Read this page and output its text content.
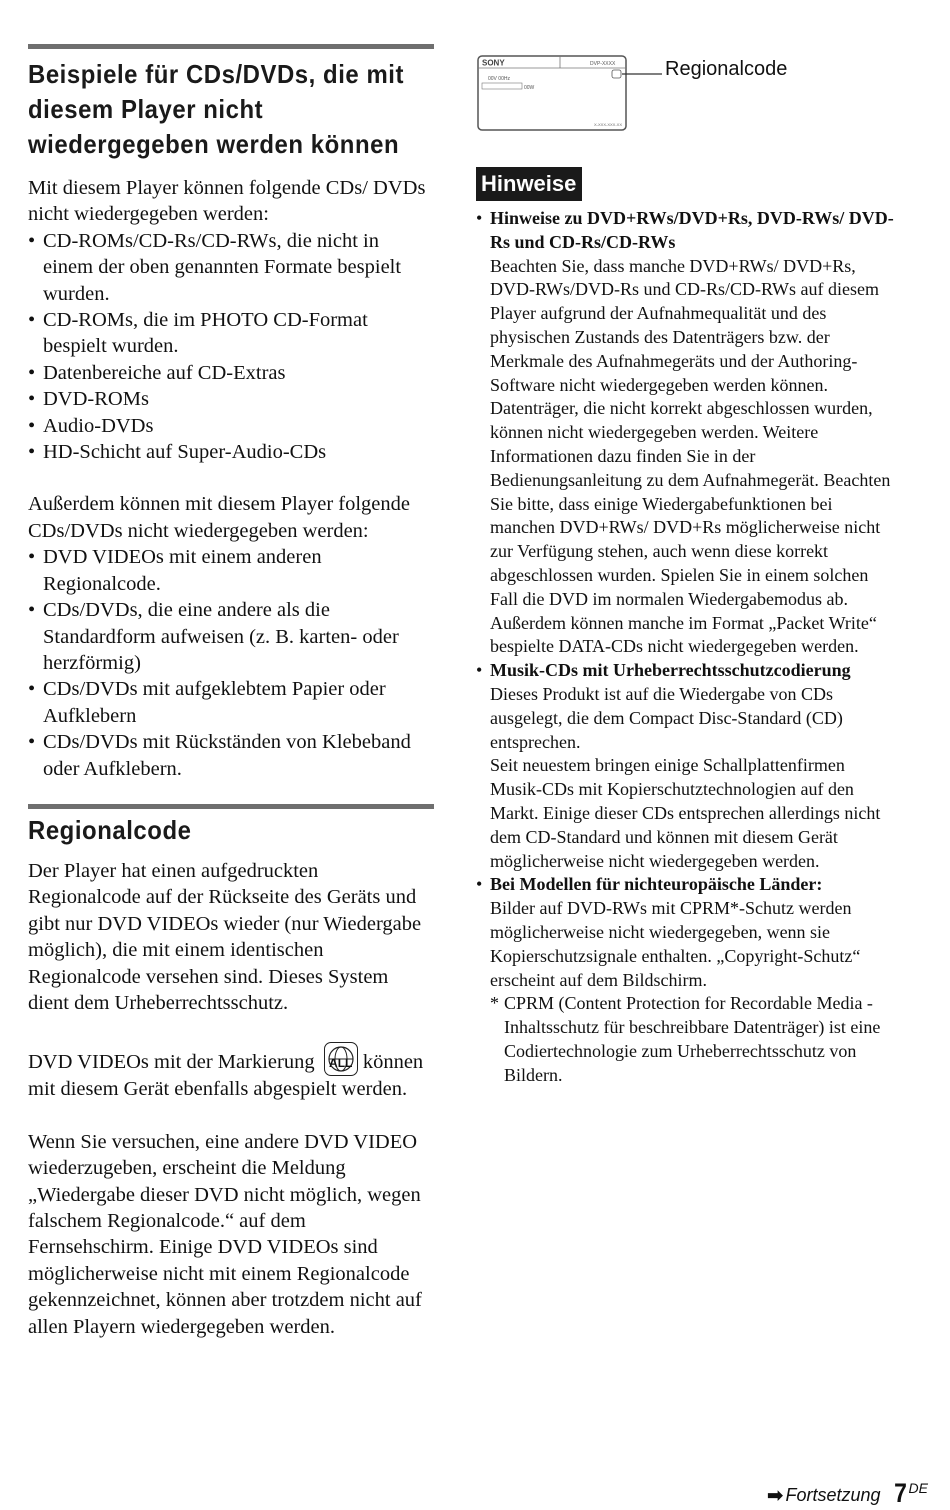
Beispiele für CDs/DVDs, die mit diesem Player nicht wiedergegeben werden können

Mit diesem Player können folgende CDs/ DVDs nicht wiedergegeben werden:

• CD-ROMs/CD-Rs/CD-RWs, die nicht in einem der oben genannten Formate bespielt wurden.
• CD-ROMs, die im PHOTO CD-Format bespielt wurden.
• Datenbereiche auf CD-Extras
• DVD-ROMs
• Audio-DVDs
• HD-Schicht auf Super-Audio-CDs

Außerdem können mit diesem Player folgende CDs/DVDs nicht wiedergegeben werden:

• DVD VIDEOs mit einem anderen Regionalcode.
• CDs/DVDs, die eine andere als die Standardform aufweisen (z. B. karten- oder herzförmig)
• CDs/DVDs mit aufgeklebtem Papier oder Aufklebern
• CDs/DVDs mit Rückständen von Klebeband oder Aufklebern.
Regionalcode

Der Player hat einen aufgedruckten Regionalcode auf der Rückseite des Geräts und gibt nur DVD VIDEOs wieder (nur Wiedergabe möglich), die mit einem identischen Regionalcode versehen sind. Dieses System dient dem Urheberrechtsschutz.

DVD VIDEOs mit der Markierung	ALL können mit diesem Gerät ebenfalls abgespielt werden.

Wenn Sie versuchen, eine andere DVD VIDEO wiederzugeben, erscheint die Meldung „Wiedergabe dieser DVD nicht möglich, wegen falschem Regionalcode.“ auf dem Fernsehschirm. Einige DVD VIDEOs sind möglicherweise nicht mit einem Regionalcode gekennzeichnet, können aber trotzdem nicht auf allen Playern wiedergegeben werden.

SONY	DVP-XXXX
00V 00Hz
00W
X-XXX-XXX-XX
Regionalcode
Hinweise
• Hinweise zu DVD+RWs/DVD+Rs, DVD-RWs/ DVD-Rs und CD-Rs/CD-RWs
Beachten Sie, dass manche DVD+RWs/ DVD+Rs, DVD-RWs/DVD-Rs und CD-Rs/CD-RWs auf diesem Player aufgrund der Aufnahmequalität und des physischen Zustands des Datenträgers bzw. der Merkmale des Aufnahmegeräts und der Authoring-Software nicht wiedergegeben werden können. Datenträger, die nicht korrekt abgeschlossen wurden, können nicht wiedergegeben werden. Weitere Informationen dazu finden Sie in der Bedienungsanleitung zu dem Aufnahmegerät. Beachten Sie bitte, dass einige Wiedergabefunktionen bei manchen DVD+RWs/ DVD+Rs möglicherweise nicht zur Verfügung stehen, auch wenn diese korrekt abgeschlossen wurden. Spielen Sie in einem solchen Fall die DVD im normalen Wiedergabemodus ab. Außerdem können manche im Format „Packet Write“ bespielte DATA-CDs nicht wiedergegeben werden.
• Musik-CDs mit Urheberrechtsschutzcodierung
Dieses Produkt ist auf die Wiedergabe von CDs ausgelegt, die dem Compact Disc-Standard (CD) entsprechen.
Seit neuestem bringen einige Schallplattenfirmen Musik-CDs mit Kopierschutztechnologien auf den Markt. Einige dieser CDs entsprechen allerdings nicht dem CD-Standard und können mit diesem Gerät möglicherweise nicht wiedergegeben werden.
• Bei Modellen für nichteuropäische Länder:
Bilder auf DVD-RWs mit CPRM*-Schutz werden möglicherweise nicht wiedergegeben, wenn sie Kopierschutzsignale enthalten. „Copyright-Schutz“ erscheint auf dem Bildschirm.
* CPRM (Content Protection for Recordable Media - Inhaltsschutz für beschreibbare Datenträger) ist eine Codiertechnologie zum Urheberrechtsschutz von Bildern.
➡ Fortsetzung 7 DE
